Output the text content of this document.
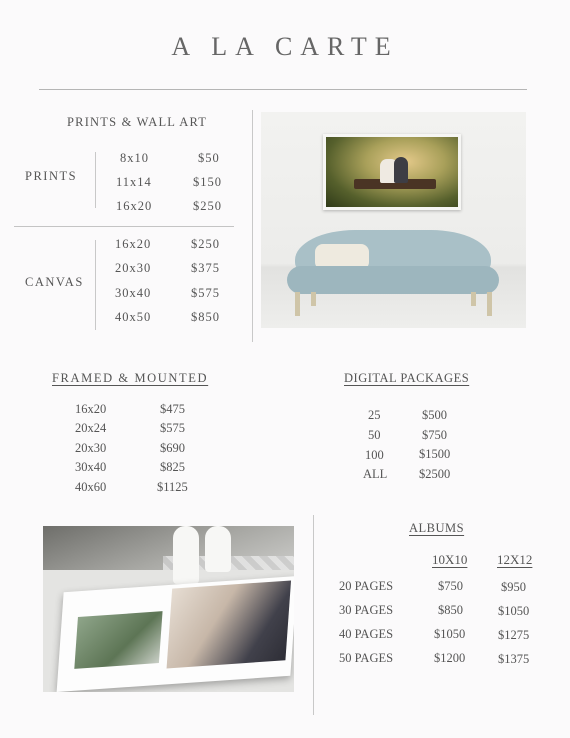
A LA CARTE
PRINTS & WALL ART
PRINTS
8x10	$50
11x14	$150
16x20	$250
CANVAS
16x20	$250
20x30	$375
30x40	$575
40x50	$850
FRAMED & MOUNTED
16x20	$475
20x24	$575
20x30	$690
30x40	$825
40x60	$1125
DIGITAL PACKAGES
25	$500
50	$750
100	$1500
ALL	$2500
ALBUMS
10X10 12X12
20 PAGES	$750	$950
30 PAGES	$850	$1050
40 PAGES	$1050	$1275
50 PAGES	$1200	$1375
